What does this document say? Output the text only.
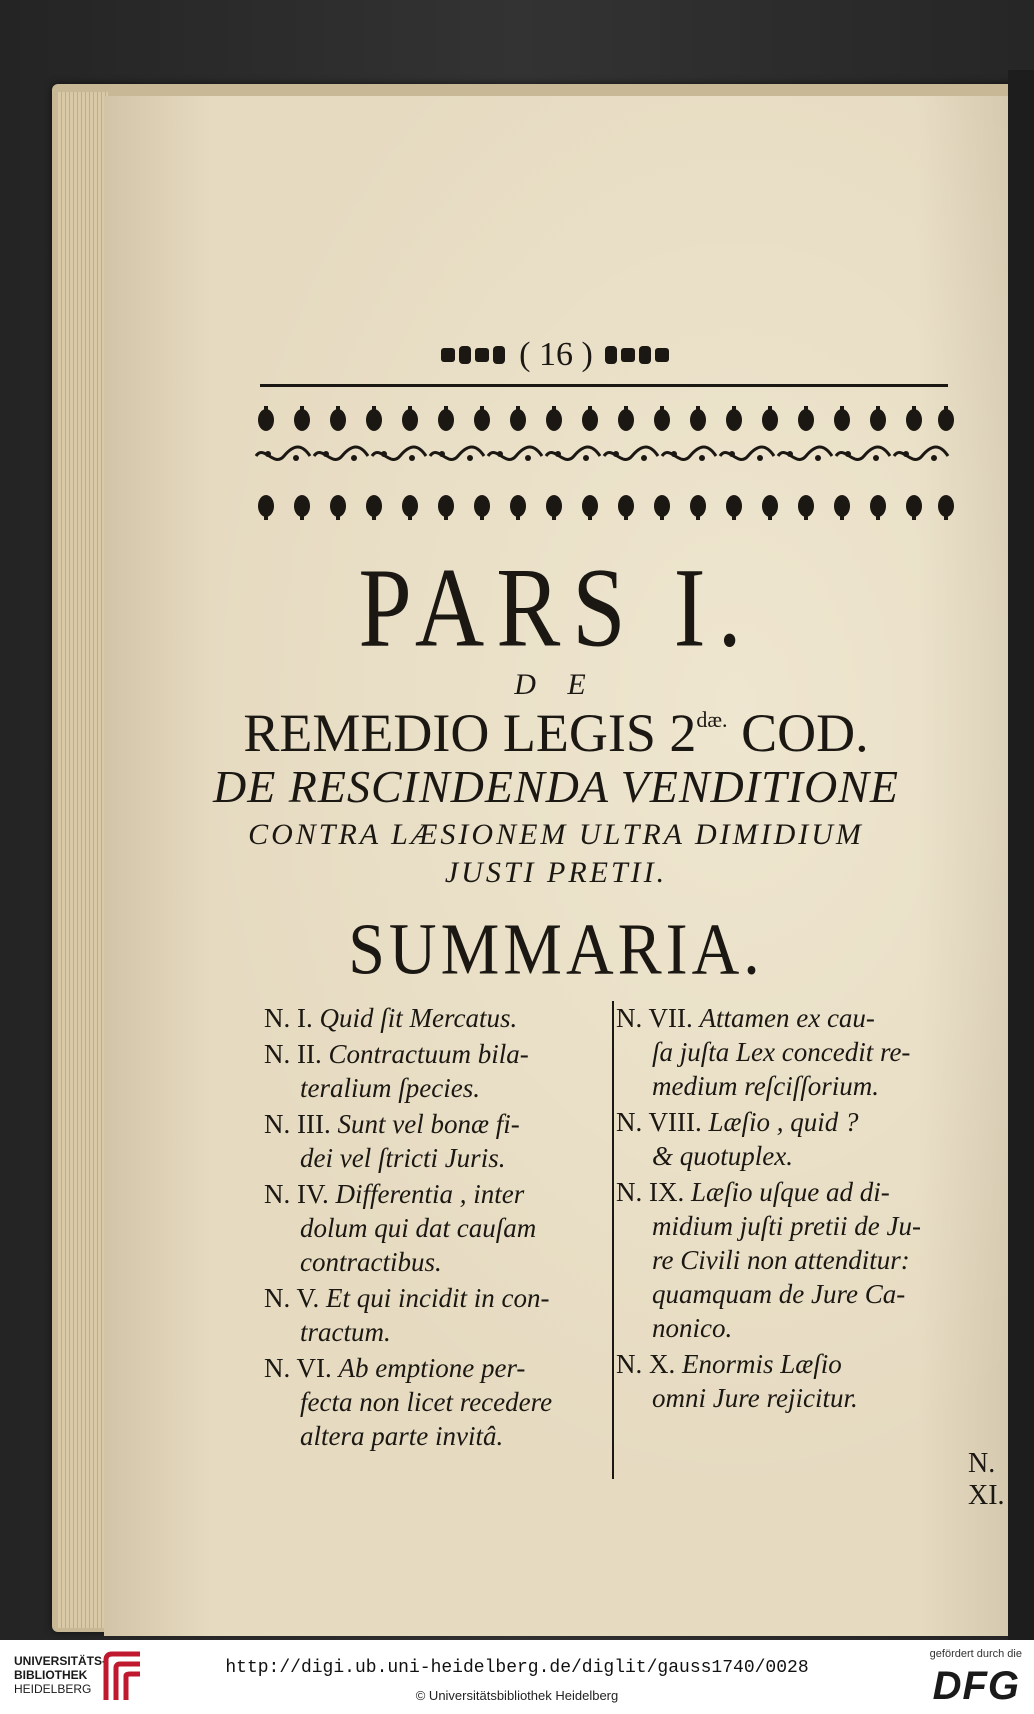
( 16 )
PARS I.
D E
REMEDIO LEGIS $2^{dæ.}$ COD.
DE RESCINDENDA VENDITIONE
CONTRA LÆSIONEM ULTRA DIMIDIUM
JUSTI PRETII.
SUMMARIA.
N. I. Quid ſit Mercatus.
N. II. Contractuum bila-
teralium ſpecies.
N. III. Sunt vel bonæ fi-
dei vel ſtricti Juris.
N. IV. Differentia , inter
dolum qui dat cauſam
contractibus.
N. V. Et qui incidit in con-
tractum.
N. VI. Ab emptione per-
fecta non licet recedere
altera parte invitâ.
N. VII. Attamen ex cau-
ſa juſta Lex concedit re-
medium reſciſſorium.
N. VIII. Læſio , quid ?
& quotuplex.
N. IX. Læſio uſque ad di-
midium juſti pretii de Ju-
re Civili non attenditur:
quamquam de Jure Ca-
nonico.
N. X. Enormis Læſio
omni Jure rejicitur.
N. XI.
UNIVERSITÄTS-
BIBLIOTHEK
HEIDELBERG
http://digi.ub.uni-heidelberg.de/diglit/gauss1740/0028
© Universitätsbibliothek Heidelberg
gefördert durch die
DFG
